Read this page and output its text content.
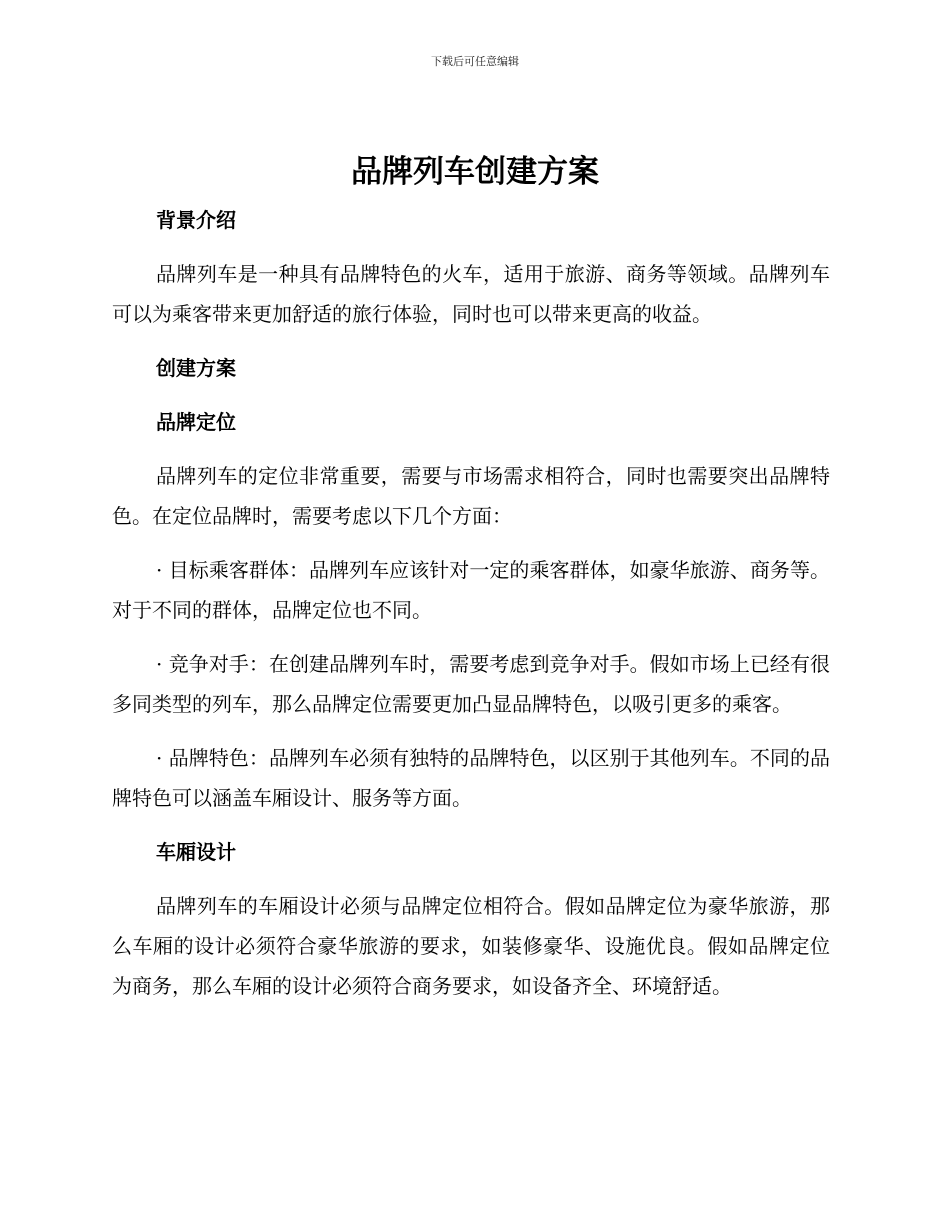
下载后可任意编辑
品牌列车创建方案
背景介绍

品牌列车是一种具有品牌特色的火车，适用于旅游、商务等领域。品牌列车可以为乘客带来更加舒适的旅行体验，同时也可以带来更高的收益。

创建方案
品牌定位

品牌列车的定位非常重要，需要与市场需求相符合，同时也需要突出品牌特色。在定位品牌时，需要考虑以下几个方面：

· 目标乘客群体：品牌列车应该针对一定的乘客群体，如豪华旅游、商务等。对于不同的群体，品牌定位也不同。

· 竞争对手：在创建品牌列车时，需要考虑到竞争对手。假如市场上已经有很多同类型的列车，那么品牌定位需要更加凸显品牌特色，以吸引更多的乘客。

· 品牌特色：品牌列车必须有独特的品牌特色，以区别于其他列车。不同的品牌特色可以涵盖车厢设计、服务等方面。

车厢设计

品牌列车的车厢设计必须与品牌定位相符合。假如品牌定位为豪华旅游，那么车厢的设计必须符合豪华旅游的要求，如装修豪华、设施优良。假如品牌定位为商务，那么车厢的设计必须符合商务要求，如设备齐全、环境舒适。
